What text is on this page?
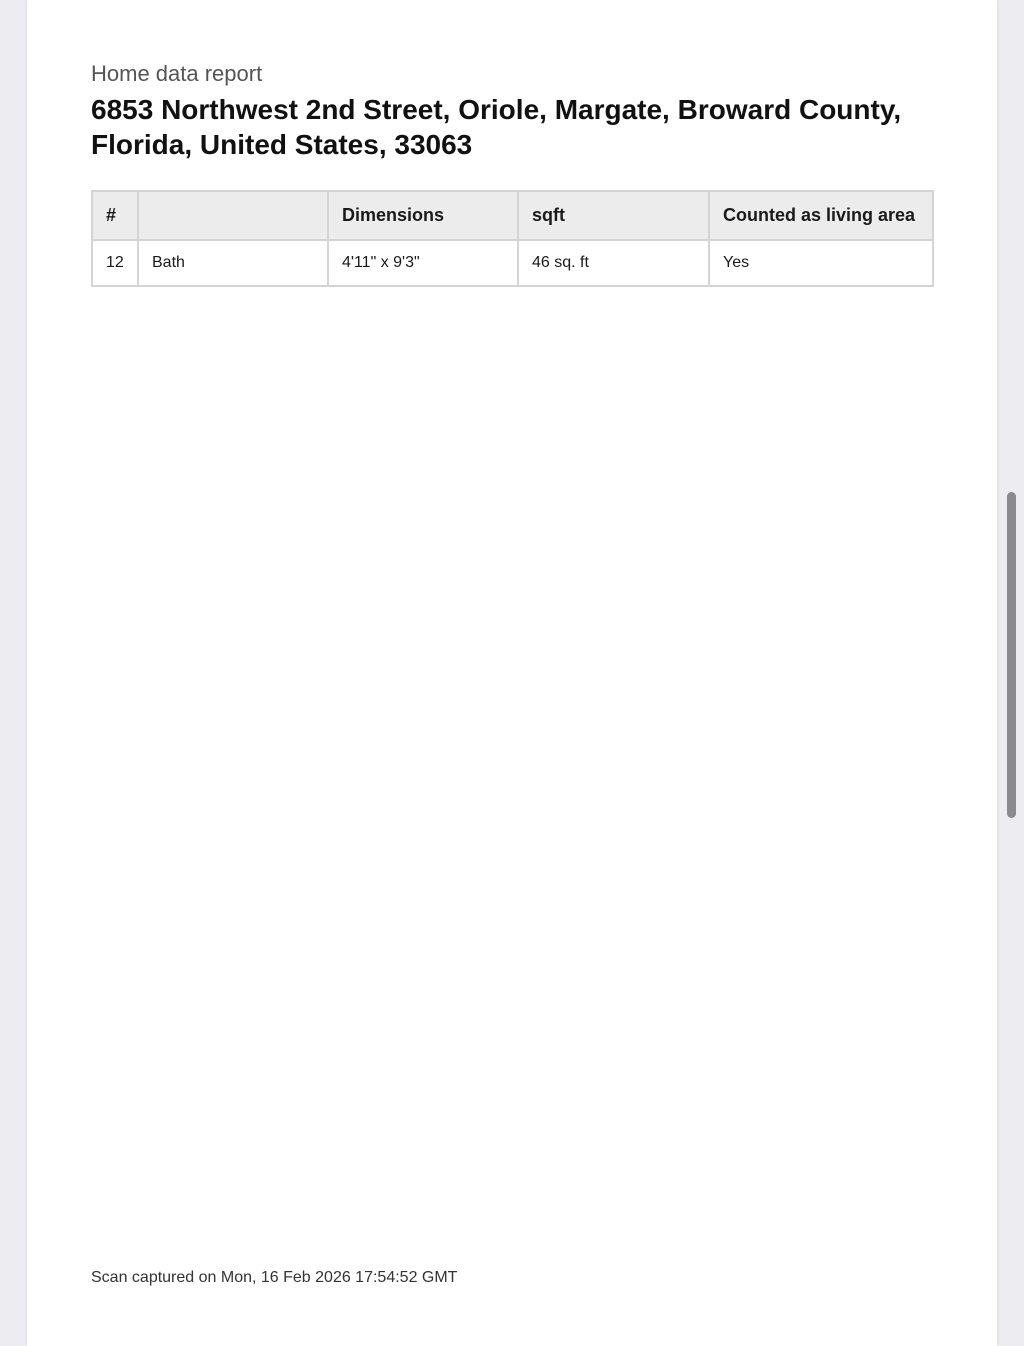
Home data report
6853 Northwest 2nd Street, Oriole, Margate, Broward County, Florida, United States, 33063
#		Dimensions	sqft	Counted as living area
12	Bath	4'11" x 9'3"	46 sq. ft	Yes
Scan captured on Mon, 16 Feb 2026 17:54:52 GMT
